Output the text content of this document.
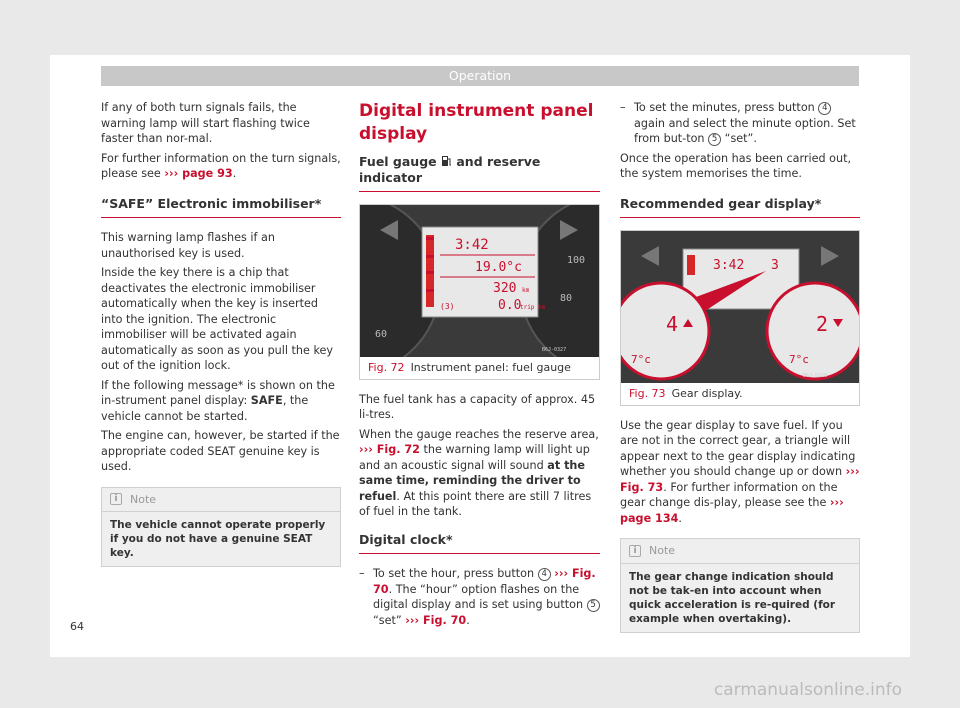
Operation

If any of both turn signals fails, the warning lamp will start flashing twice faster than nor-mal.

For further information on the turn signals, please see ››› page 93.

“SAFE” Electronic immobiliser*

This warning lamp flashes if an unauthorised key is used.

Inside the key there is a chip that deactivates the electronic immobiliser automatically when the key is inserted into the ignition. The electronic immobiliser will be activated again automatically as soon as you pull the key out of the ignition lock.

If the following message* is shown on the in-strument panel display: SAFE, the vehicle cannot be started.

The engine can, however, be started if the appropriate coded SEAT genuine key is used.

i	Note
The vehicle cannot operate properly if you do not have a genuine SEAT key.
Digital instrument panel display
Fuel gauge and reserve indicator
3:42
19.0°c
320 km
(3)	0.0
trip km
100
80
60
B6J-0327
Fig. 72 Instrument panel: fuel gauge

The fuel tank has a capacity of approx. 45 li-tres.

When the gauge reaches the reserve area, ››› Fig. 72 the warning lamp will light up and an acoustic signal will sound at the same time, reminding the driver to refuel. At this point there are still 7 litres of fuel in the tank.

Digital clock*
– To set the hour, press button 4 ››› Fig. 70. The “hour” option flashes on the digital display and is set using button 5 “set” ››› Fig. 70.
– To set the minutes, press button 4 again and select the minute option. Set from but-ton 5 “set”.

Once the operation has been carried out, the system memorises the time.

Recommended gear display*
3:42 3
4
7°c
2
7°c
B6J-0328
Fig. 73 Gear display.

Use the gear display to save fuel. If you are not in the correct gear, a triangle will appear next to the gear display indicating whether you should change up or down ››› Fig. 73. For further information on the gear change dis-play, please see the ››› page 134.

i	Note
The gear change indication should not be tak-en into account when quick acceleration is re-quired (for example when overtaking).
64
carmanualsonline.info
